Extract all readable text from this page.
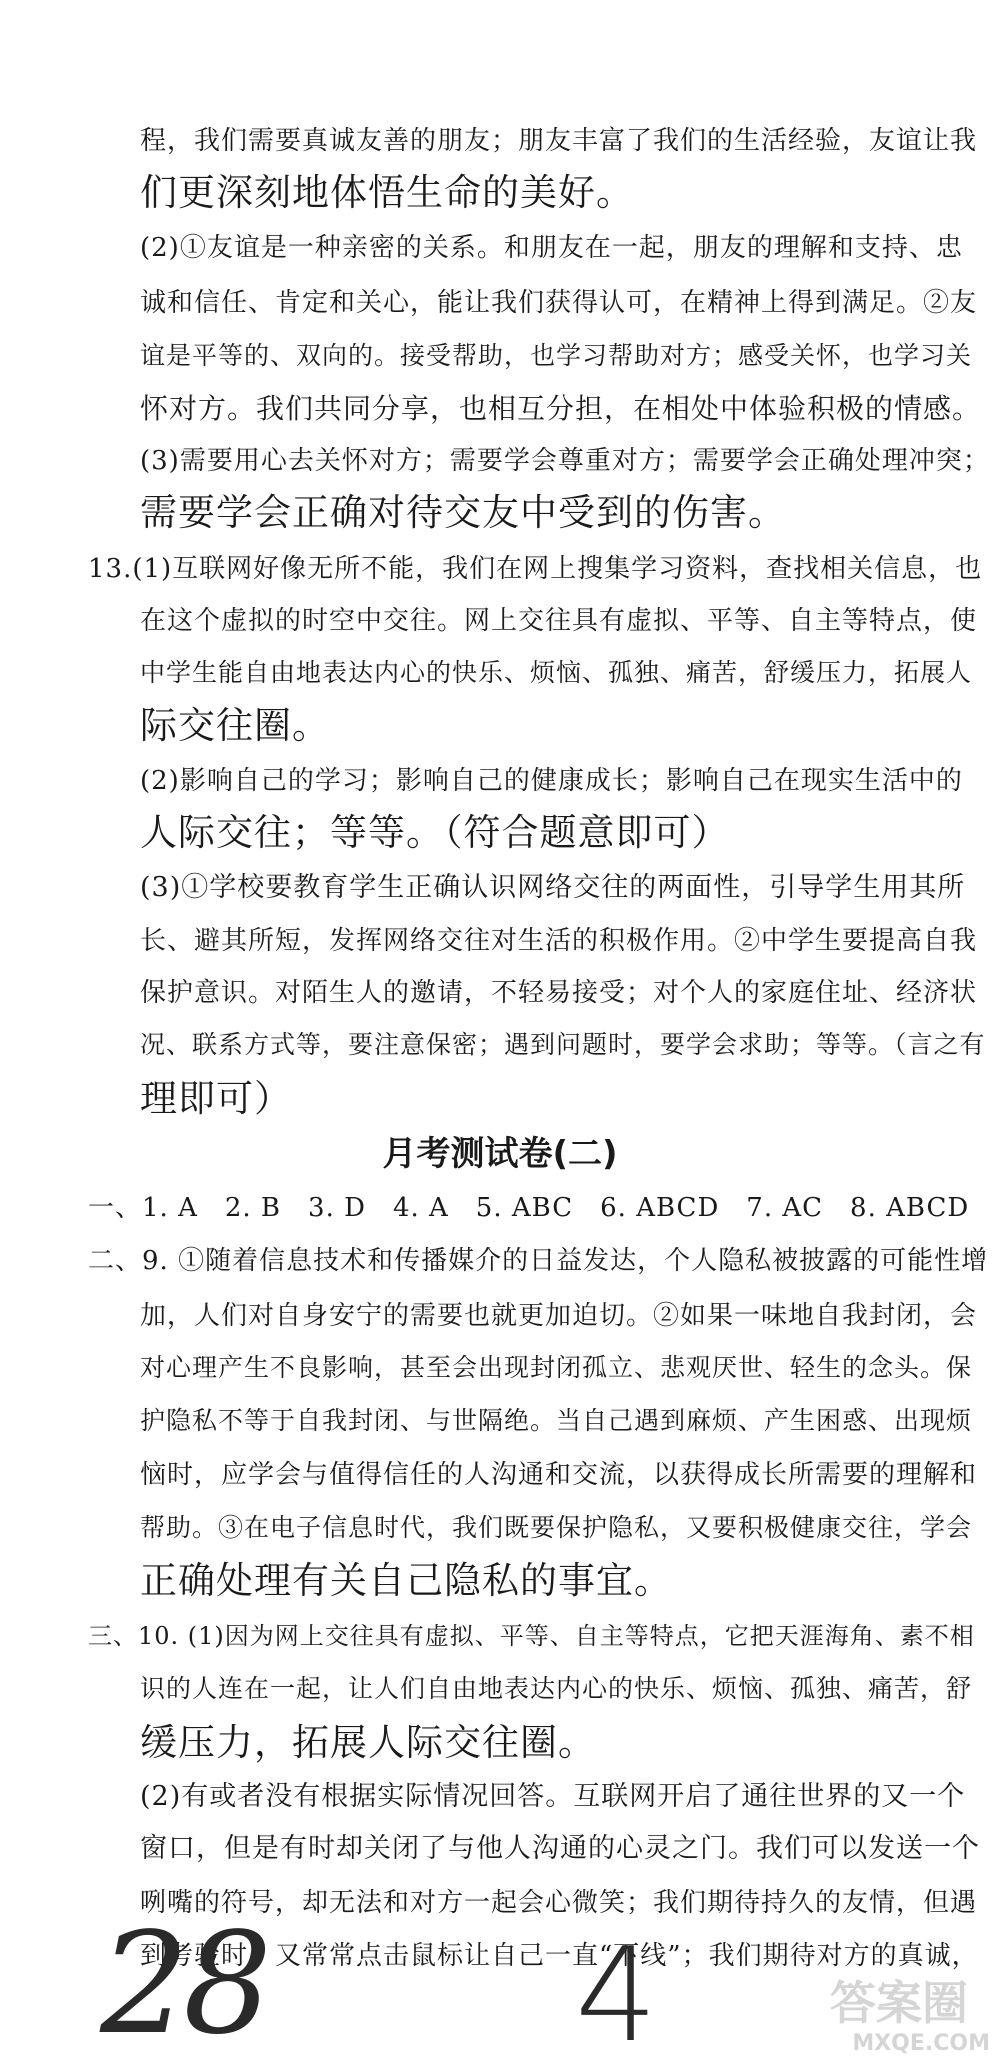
程，我们需要真诚友善的朋友；朋友丰富了我们的生活经验，友谊让我
们更深刻地体悟生命的美好。
(2)①友谊是一种亲密的关系。和朋友在一起，朋友的理解和支持、忠
诚和信任、肯定和关心，能让我们获得认可，在精神上得到满足。②友
谊是平等的、双向的。接受帮助，也学习帮助对方；感受关怀，也学习关
怀对方。我们共同分享，也相互分担，在相处中体验积极的情感。
(3)需要用心去关怀对方；需要学会尊重对方；需要学会正确处理冲突；
需要学会正确对待交友中受到的伤害。
13.(1)互联网好像无所不能，我们在网上搜集学习资料，查找相关信息，也
在这个虚拟的时空中交往。网上交往具有虚拟、平等、自主等特点，使
中学生能自由地表达内心的快乐、烦恼、孤独、痛苦，舒缓压力，拓展人
际交往圈。
(2)影响自己的学习；影响自己的健康成长；影响自己在现实生活中的
人际交往；等等。（符合题意即可）
(3)①学校要教育学生正确认识网络交往的两面性，引导学生用其所
长、避其所短，发挥网络交往对生活的积极作用。②中学生要提高自我
保护意识。对陌生人的邀请，不轻易接受；对个人的家庭住址、经济状
况、联系方式等，要注意保密；遇到问题时，要学会求助；等等。（言之有
理即可）
月考测试卷(二)
一、1. A　2. B　3. D　4. A　5. ABC　6. ABCD　7. AC　8. ABCD
二、9. ①随着信息技术和传播媒介的日益发达，个人隐私被披露的可能性增
加，人们对自身安宁的需要也就更加迫切。②如果一味地自我封闭，会
对心理产生不良影响，甚至会出现封闭孤立、悲观厌世、轻生的念头。保
护隐私不等于自我封闭、与世隔绝。当自己遇到麻烦、产生困惑、出现烦
恼时，应学会与值得信任的人沟通和交流，以获得成长所需要的理解和
帮助。③在电子信息时代，我们既要保护隐私，又要积极健康交往，学会
正确处理有关自己隐私的事宜。
三、10. (1)因为网上交往具有虚拟、平等、自主等特点，它把天涯海角、素不相
识的人连在一起，让人们自由地表达内心的快乐、烦恼、孤独、痛苦，舒
缓压力，拓展人际交往圈。
(2)有或者没有根据实际情况回答。互联网开启了通往世界的又一个
窗口，但是有时却关闭了与他人沟通的心灵之门。我们可以发送一个
咧嘴的符号，却无法和对方一起会心微笑；我们期待持久的友情，但遇
到考验时，又常常点击鼠标让自己一直“下线”；我们期待对方的真诚，
28 4	答案圈
MXQE.COM
